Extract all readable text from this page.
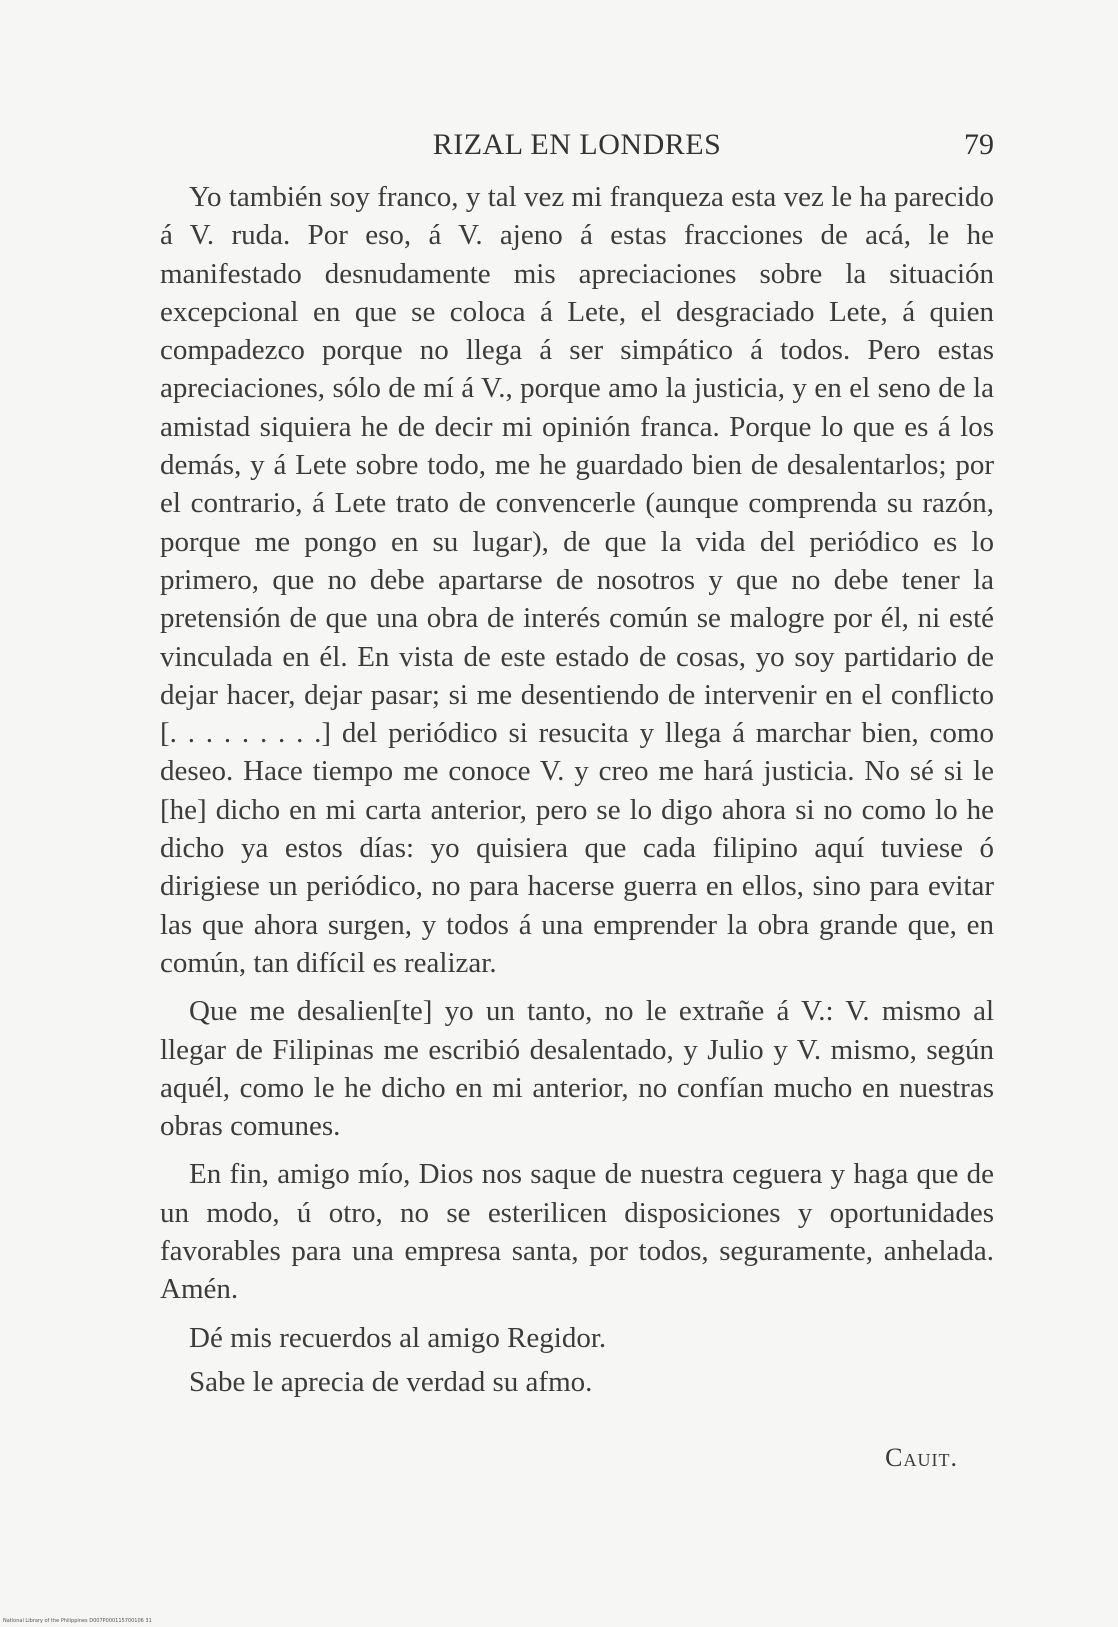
RIZAL EN LONDRES	79

Yo también soy franco, y tal vez mi franqueza esta vez le ha parecido á V. ruda. Por eso, á V. ajeno á estas fracciones de acá, le he manifestado desnudamente mis apreciaciones sobre la situación excepcional en que se coloca á Lete, el desgraciado Lete, á quien compadezco porque no llega á ser simpático á todos. Pero estas apreciaciones, sólo de mí á V., porque amo la justicia, y en el seno de la amistad siquiera he de decir mi opinión franca. Porque lo que es á los demás, y á Lete sobre todo, me he guardado bien de desalentarlos; por el contrario, á Lete trato de convencerle (aunque comprenda su razón, porque me pongo en su lugar), de que la vida del periódico es lo primero, que no debe apartarse de nosotros y que no debe tener la pretensión de que una obra de interés común se malogre por él, ni esté vinculada en él. En vista de este estado de cosas, yo soy partidario de dejar hacer, dejar pasar; si me desentiendo de intervenir en el conflicto [. . . . . . . . .] del periódico si resucita y llega á marchar bien, como deseo. Hace tiempo me conoce V. y creo me hará justicia. No sé si le [he] dicho en mi carta anterior, pero se lo digo ahora si no como lo he dicho ya estos días: yo quisiera que cada filipino aquí tuviese ó dirigiese un periódico, no para hacerse guerra en ellos, sino para evitar las que ahora surgen, y todos á una emprender la obra grande que, en común, tan difícil es realizar.

Que me desalien[te] yo un tanto, no le extrañe á V.: V. mismo al llegar de Filipinas me escribió desalentado, y Julio y V. mismo, según aquél, como le he dicho en mi anterior, no confían mucho en nuestras obras comunes.

En fin, amigo mío, Dios nos saque de nuestra ceguera y haga que de un modo, ú otro, no se esterilicen disposiciones y oportunidades favorables para una empresa santa, por todos, seguramente, anhelada. Amén.

Dé mis recuerdos al amigo Regidor.

Sabe le aprecia de verdad su afmo.

Cauit.
National Library of the Philippines D007P000115700106 31
